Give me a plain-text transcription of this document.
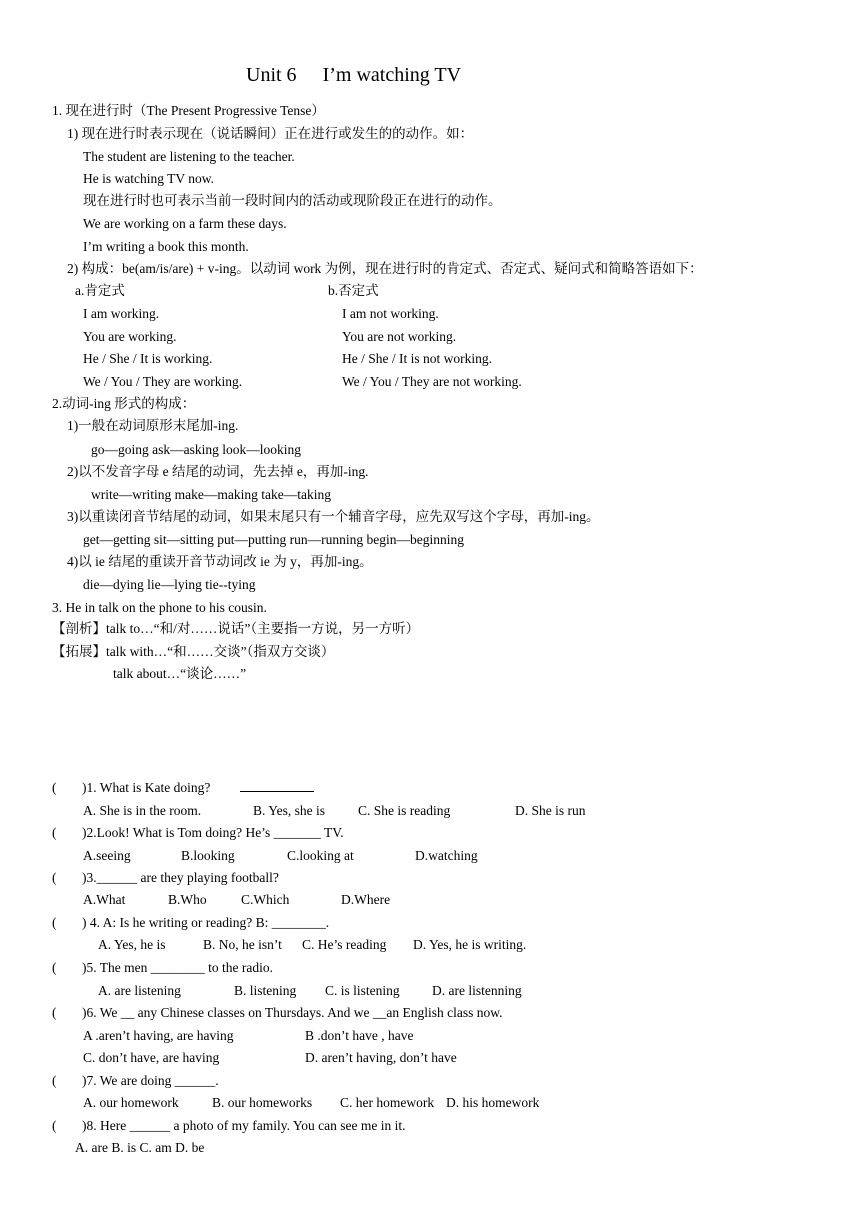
Unit 6 I’m watching TV
1. 现在进行时（The Present Progressive Tense）
1) 现在进行时表示现在（说话瞬间）正在进行或发生的的动作。如：
The student are listening to the teacher.
He is watching TV now.
现在进行时也可表示当前一段时间内的活动或现阶段正在进行的动作。
We are working on a farm these days.
I’m writing a book this month.
2) 构成：be(am/is/are) + v-ing。以动词 work 为例，现在进行时的肯定式、否定式、疑问式和简略答语如下：
a.肯定式	b.否定式
I am working.	I am not working.
You are working.	You are not working.
He / She / It is working.	He / She / It is not working.
We / You / They are working.	We / You / They are not working.
2.动词-ing 形式的构成：
1)一般在动词原形末尾加-ing.
go—going ask—asking look—looking
2)以不发音字母 e 结尾的动词，先去掉 e，再加-ing.
write—writing make—making take—taking
3)以重读闭音节结尾的动词，如果末尾只有一个辅音字母，应先双写这个字母，再加-ing。
get—getting sit—sitting put—putting run—running begin—beginning
4)以 ie 结尾的重读开音节动词改 ie 为 y，再加-ing。
die—dying lie—lying tie--tying
3. He in talk on the phone to his cousin.
【剖析】talk to…“和/对……说话”（主要指一方说，另一方听）
【拓展】talk with…“和……交谈”（指双方交谈）
talk about…“谈论……”
( )1. What is Kate doing?
A. She is in the room.	B. Yes, she is C. She is reading	D. She is run
( )2.Look! What is Tom doing? He’s _______ TV.
A.seeing	B.looking	C.looking at	D.watching
( )3.______ are they playing football?
A.What	B.Who	C.Which	D.Where
( ) 4. A: Is he writing or reading? B: ________.
A. Yes, he is	B. No, he isn’t C. He’s reading D. Yes, he is writing.
( )5. The men ________ to the radio.
A. are listening	B. listening C. is listening D. are listenning
( )6. We __ any Chinese classes on Thursdays. And we __an English class now.
A .aren’t having, are having	B .don’t have , have
C. don’t have, are having	D. aren’t having, don’t have
( )7. We are doing ______.
A. our homework B. our homeworks C. her homework D. his homework
( )8. Here ______ a photo of my family. You can see me in it.
A. are B. is C. am D. be
